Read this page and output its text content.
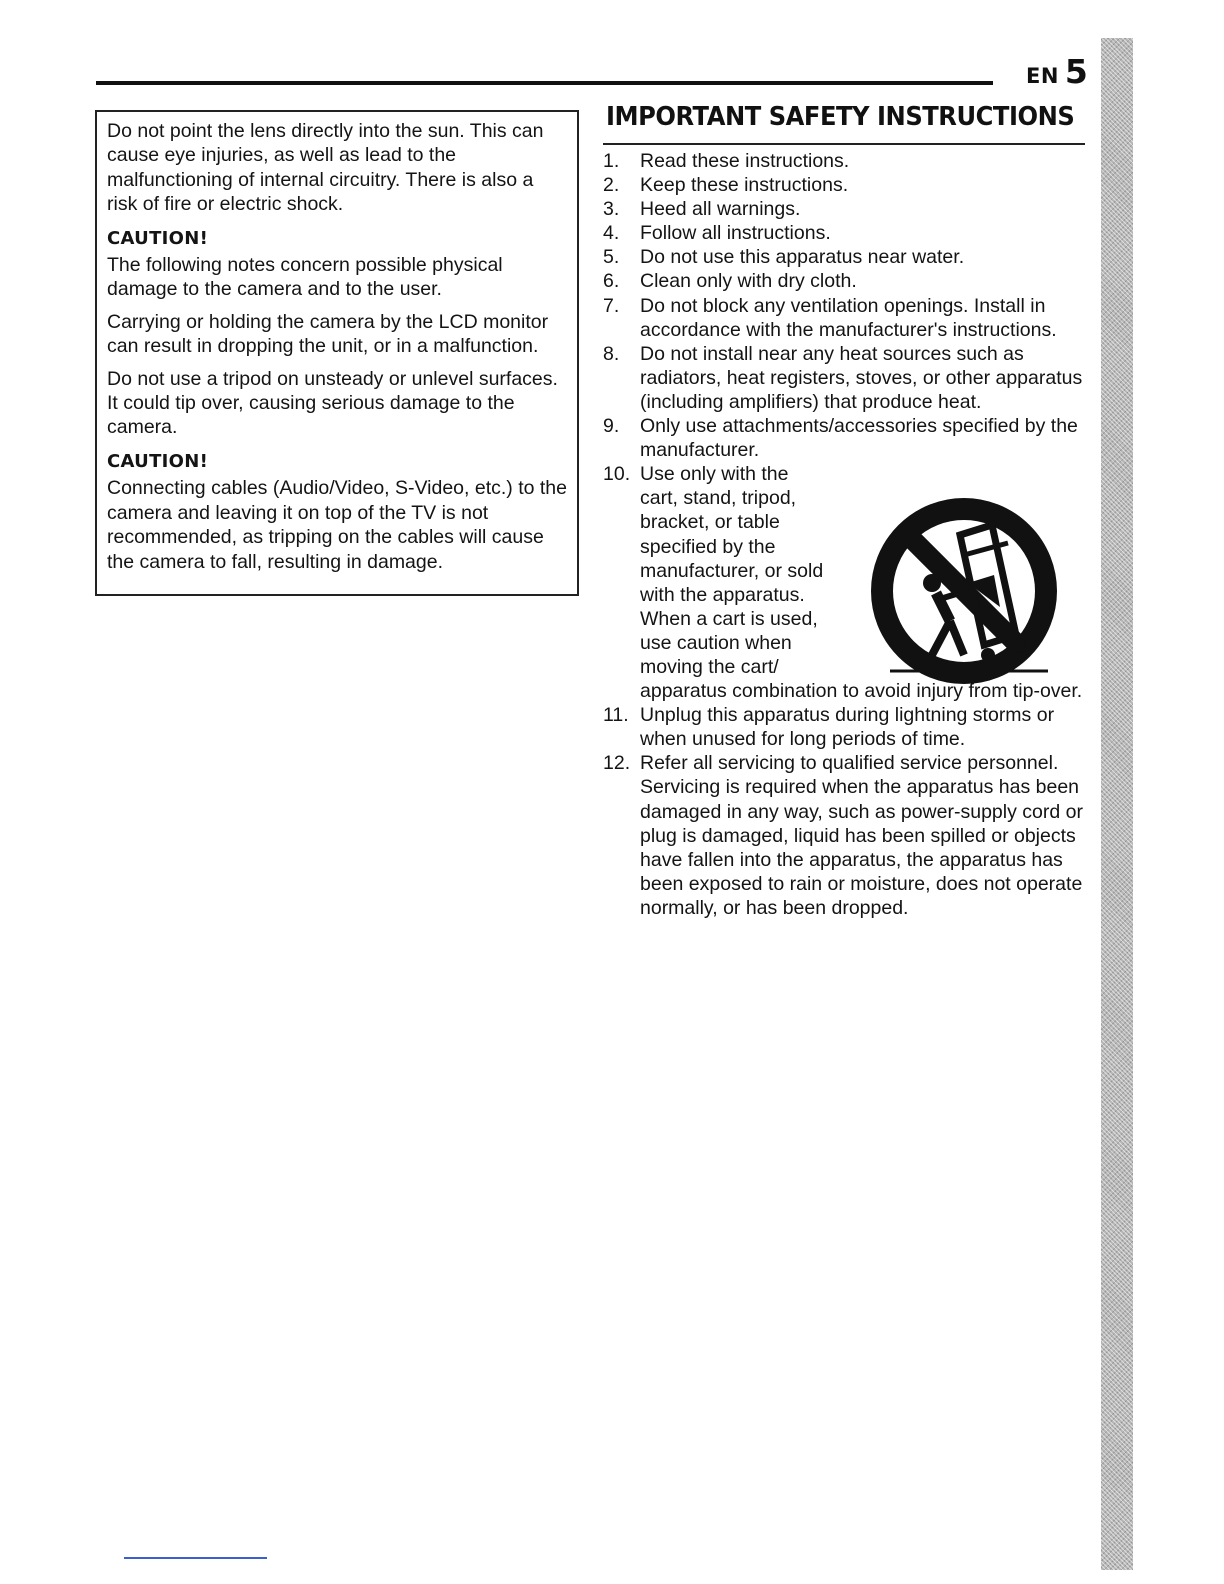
EN 5

Do not point the lens directly into the sun. This can cause eye injuries, as well as lead to the malfunctioning of internal circuitry. There is also a risk of fire or electric shock.

CAUTION!

The following notes concern possible physical damage to the camera and to the user.

Carrying or holding the camera by the LCD monitor can result in dropping the unit, or in a malfunction.

Do not use a tripod on unsteady or unlevel surfaces. It could tip over, causing serious damage to the camera.

CAUTION!

Connecting cables (Audio/Video, S-Video, etc.) to the camera and leaving it on top of the TV is not recommended, as tripping on the cables will cause the camera to fall, resulting in damage.

IMPORTANT SAFETY INSTRUCTIONS
1. Read these instructions.
2. Keep these instructions.
3. Heed all warnings.
4. Follow all instructions.
5. Do not use this apparatus near water.
6. Clean only with dry cloth.
7. Do not block any ventilation openings. Install in accordance with the manufacturer's instructions.
8. Do not install near any heat sources such as radiators, heat registers, stoves, or other apparatus (including amplifiers) that produce heat.
9. Only use attachments/accessories specified by the manufacturer.
10. Use only with the cart, stand, tripod, bracket, or table specified by the manufacturer, or sold with the apparatus. When a cart is used, use caution when moving the cart/
apparatus combination to avoid injury from tip-over.
11. Unplug this apparatus during lightning storms or when unused for long periods of time.
12. Refer all servicing to qualified service personnel. Servicing is required when the apparatus has been damaged in any way, such as power-supply cord or plug is damaged, liquid has been spilled or objects have fallen into the apparatus, the apparatus has been exposed to rain or moisture, does not operate normally, or has been dropped.
